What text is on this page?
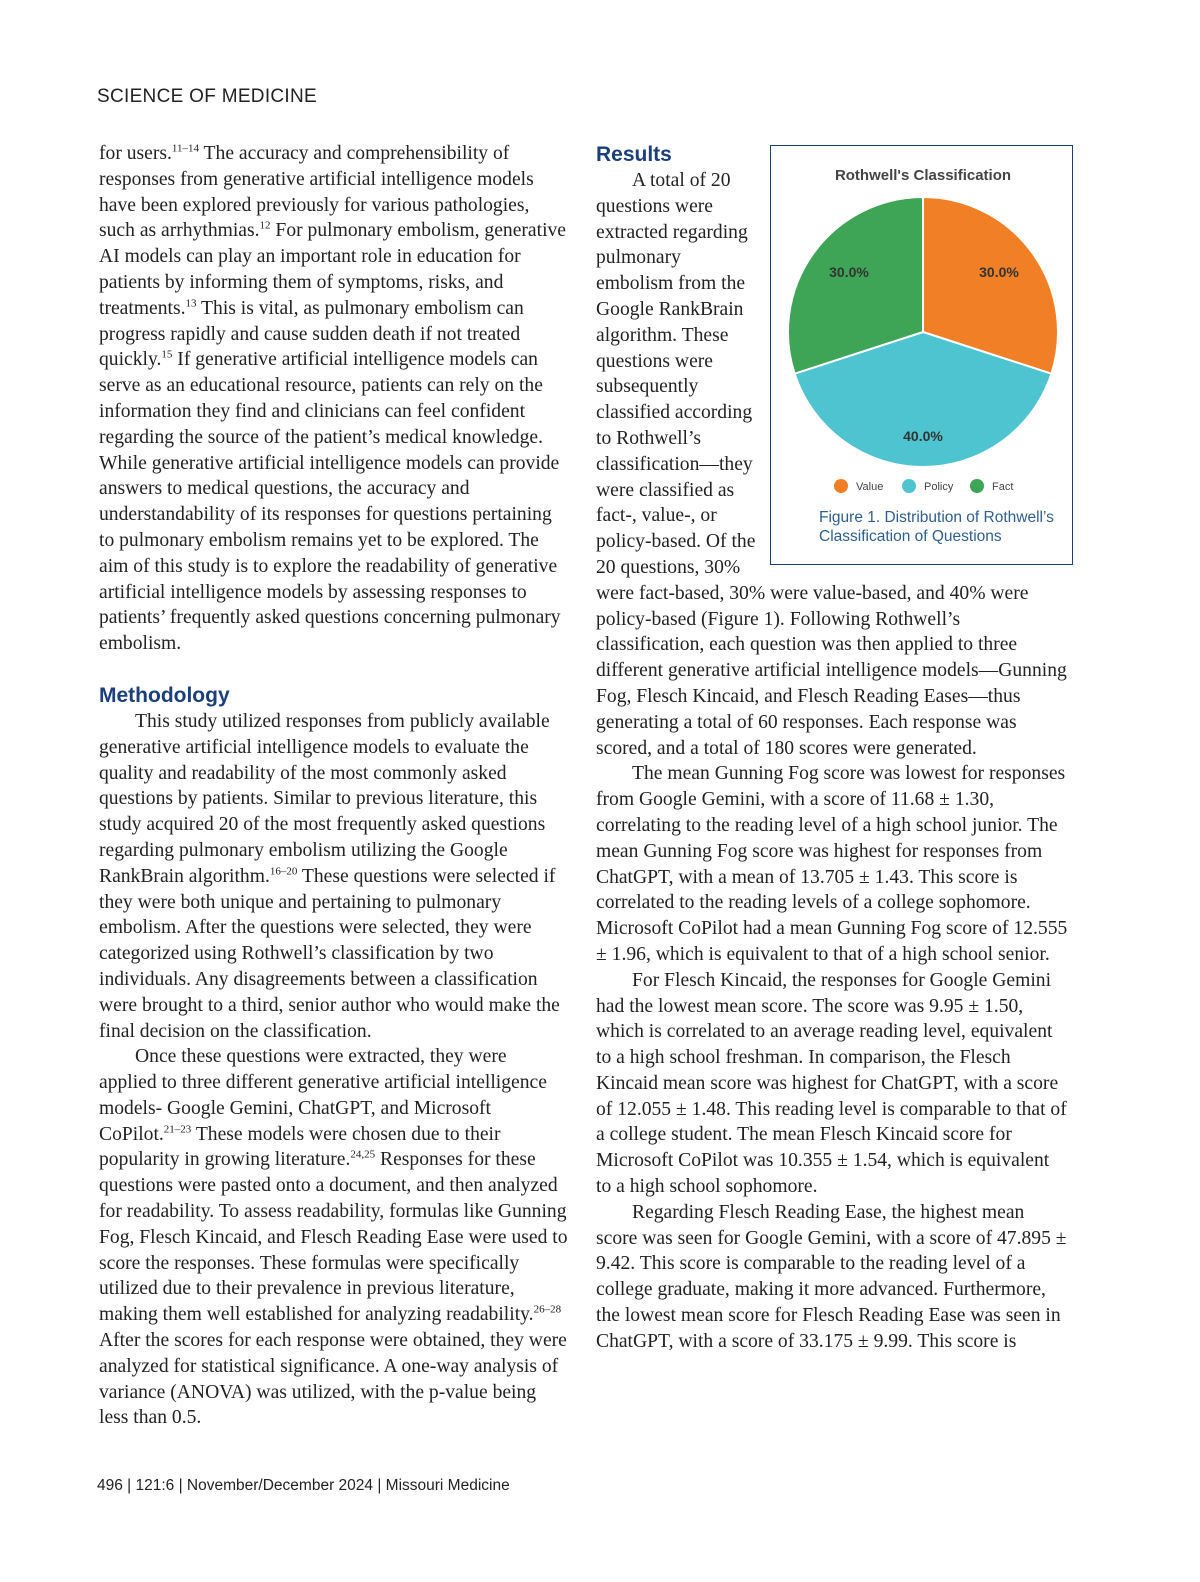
SCIENCE OF MEDICINE

for users.$^{11-14}$ The accuracy and comprehensibility of responses from generative artificial intelligence models have been explored previously for various pathologies, such as arrhythmias.$^{12}$ For pulmonary embolism, generative AI models can play an important role in education for patients by informing them of symptoms, risks, and treatments.$^{13}$ This is vital, as pulmonary embolism can progress rapidly and cause sudden death if not treated quickly.$^{15}$ If generative artificial intelligence models can serve as an educational resource, patients can rely on the information they find and clinicians can feel confident regarding the source of the patient’s medical knowledge. While generative artificial intelligence models can provide answers to medical questions, the accuracy and understandability of its responses for questions pertaining to pulmonary embolism remains yet to be explored. The aim of this study is to explore the readability of generative artificial intelligence models by assessing responses to patients’ frequently asked questions concerning pulmonary embolism.

Methodology

This study utilized responses from publicly available generative artificial intelligence models to evaluate the quality and readability of the most commonly asked questions by patients. Similar to previous literature, this study acquired 20 of the most frequently asked questions regarding pulmonary embolism utilizing the Google RankBrain algorithm.$^{16-20}$ These questions were selected if they were both unique and pertaining to pulmonary embolism. After the questions were selected, they were categorized using Rothwell’s classification by two individuals. Any disagreements between a classification were brought to a third, senior author who would make the final decision on the classification.

Once these questions were extracted, they were applied to three different generative artificial intelligence models- Google Gemini, ChatGPT, and Microsoft CoPilot.$^{21-23}$ These models were chosen due to their popularity in growing literature.$^{24,25}$ Responses for these questions were pasted onto a document, and then analyzed for readability. To assess readability, formulas like Gunning Fog, Flesch Kincaid, and Flesch Reading Ease were used to score the responses. These formulas were specifically utilized due to their prevalence in previous literature, making them well established for analyzing readability.$^{26-28}$ After the scores for each response were obtained, they were analyzed for statistical significance. A one-way analysis of variance (ANOVA) was utilized, with the p-value being less than 0.5.

Rothwell's Classification
30.0%
40.0%
30.0%
Value	Policy	Fact
Figure 1. Distribution of Rothwell’s Classification of Questions
Results

A total of 20 questions were extracted regarding pulmonary embolism from the Google RankBrain algorithm. These questions were subsequently classified according to Rothwell’s classification—they were classified as fact-, value-, or policy-based. Of the 20 questions, 30% were fact-based, 30% were value-based, and 40% were policy-based (Figure 1). Following Rothwell’s classification, each question was then applied to three different generative artificial intelligence models—Gunning Fog, Flesch Kincaid, and Flesch Reading Eases—thus generating a total of 60 responses. Each response was scored, and a total of 180 scores were generated.

The mean Gunning Fog score was lowest for responses from Google Gemini, with a score of 11.68 ± 1.30, correlating to the reading level of a high school junior. The mean Gunning Fog score was highest for responses from ChatGPT, with a mean of 13.705 ± 1.43. This score is correlated to the reading levels of a college sophomore. Microsoft CoPilot had a mean Gunning Fog score of 12.555 ± 1.96, which is equivalent to that of a high school senior.

For Flesch Kincaid, the responses for Google Gemini had the lowest mean score. The score was 9.95 ± 1.50, which is correlated to an average reading level, equivalent to a high school freshman. In comparison, the Flesch Kincaid mean score was highest for ChatGPT, with a score of 12.055 ± 1.48. This reading level is comparable to that of a college student. The mean Flesch Kincaid score for Microsoft CoPilot was 10.355 ± 1.54, which is equivalent to a high school sophomore.

Regarding Flesch Reading Ease, the highest mean score was seen for Google Gemini, with a score of 47.895 ± 9.42. This score is comparable to the reading level of a college graduate, making it more advanced. Furthermore, the lowest mean score for Flesch Reading Ease was seen in ChatGPT, with a score of 33.175 ± 9.99. This score is

496 | 121:6 | November/December 2024 | Missouri Medicine
